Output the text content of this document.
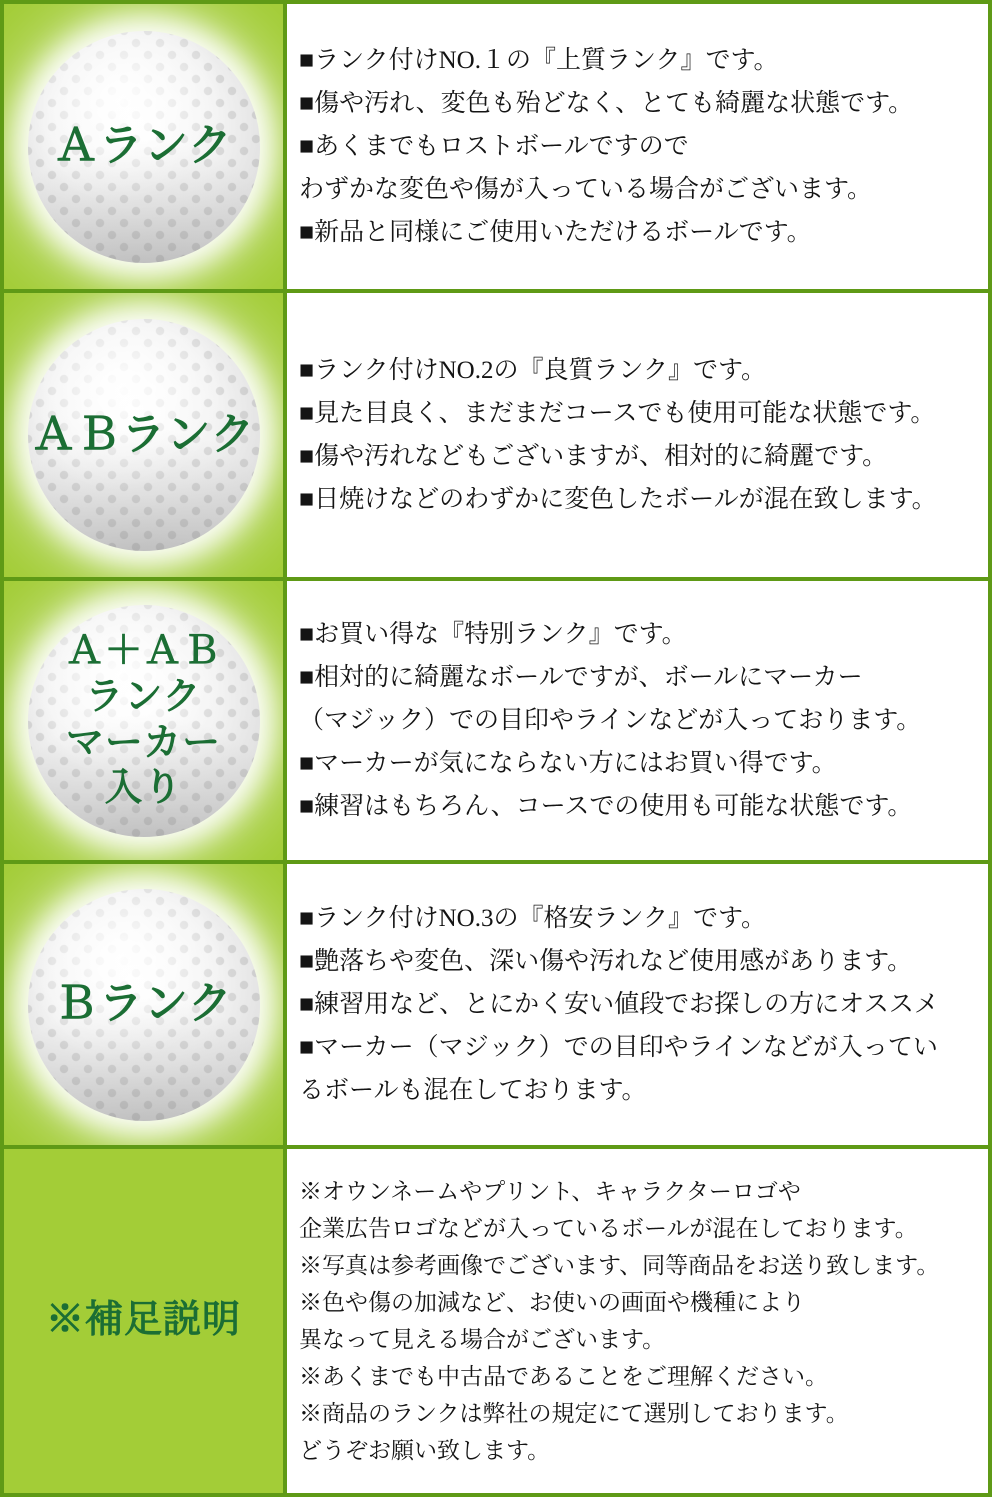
Ａランク
■ランク付けNO.１の『上質ランク』です。
■傷や汚れ、変色も殆どなく、とても綺麗な状態です。
■あくまでもロストボールですので
わずかな変色や傷が入っている場合がございます。
■新品と同様にご使用いただけるボールです。
ＡＢランク
■ランク付けNO.2の『良質ランク』です。
■見た目良く、まだまだコースでも使用可能な状態です。
■傷や汚れなどもございますが、相対的に綺麗です。
■日焼けなどのわずかに変色したボールが混在致します。
Ａ＋ＡＢ
ランク
マーカー
入り
■お買い得な『特別ランク』です。
■相対的に綺麗なボールですが、ボールにマーカー
（マジック）での目印やラインなどが入っております。
■マーカーが気にならない方にはお買い得です。
■練習はもちろん、コースでの使用も可能な状態です。
Ｂランク
■ランク付けNO.3の『格安ランク』です。
■艶落ちや変色、深い傷や汚れなど使用感があります。
■練習用など、とにかく安い値段でお探しの方にオススメ
■マーカー（マジック）での目印やラインなどが入ってい
るボールも混在しております。
※補足説明
※オウンネームやプリント、キャラクターロゴや
企業広告ロゴなどが入っているボールが混在しております。
※写真は参考画像でございます、同等商品をお送り致します。
※色や傷の加減など、お使いの画面や機種により
異なって見える場合がございます。
※あくまでも中古品であることをご理解ください。
※商品のランクは弊社の規定にて選別しております。
どうぞお願い致します。
